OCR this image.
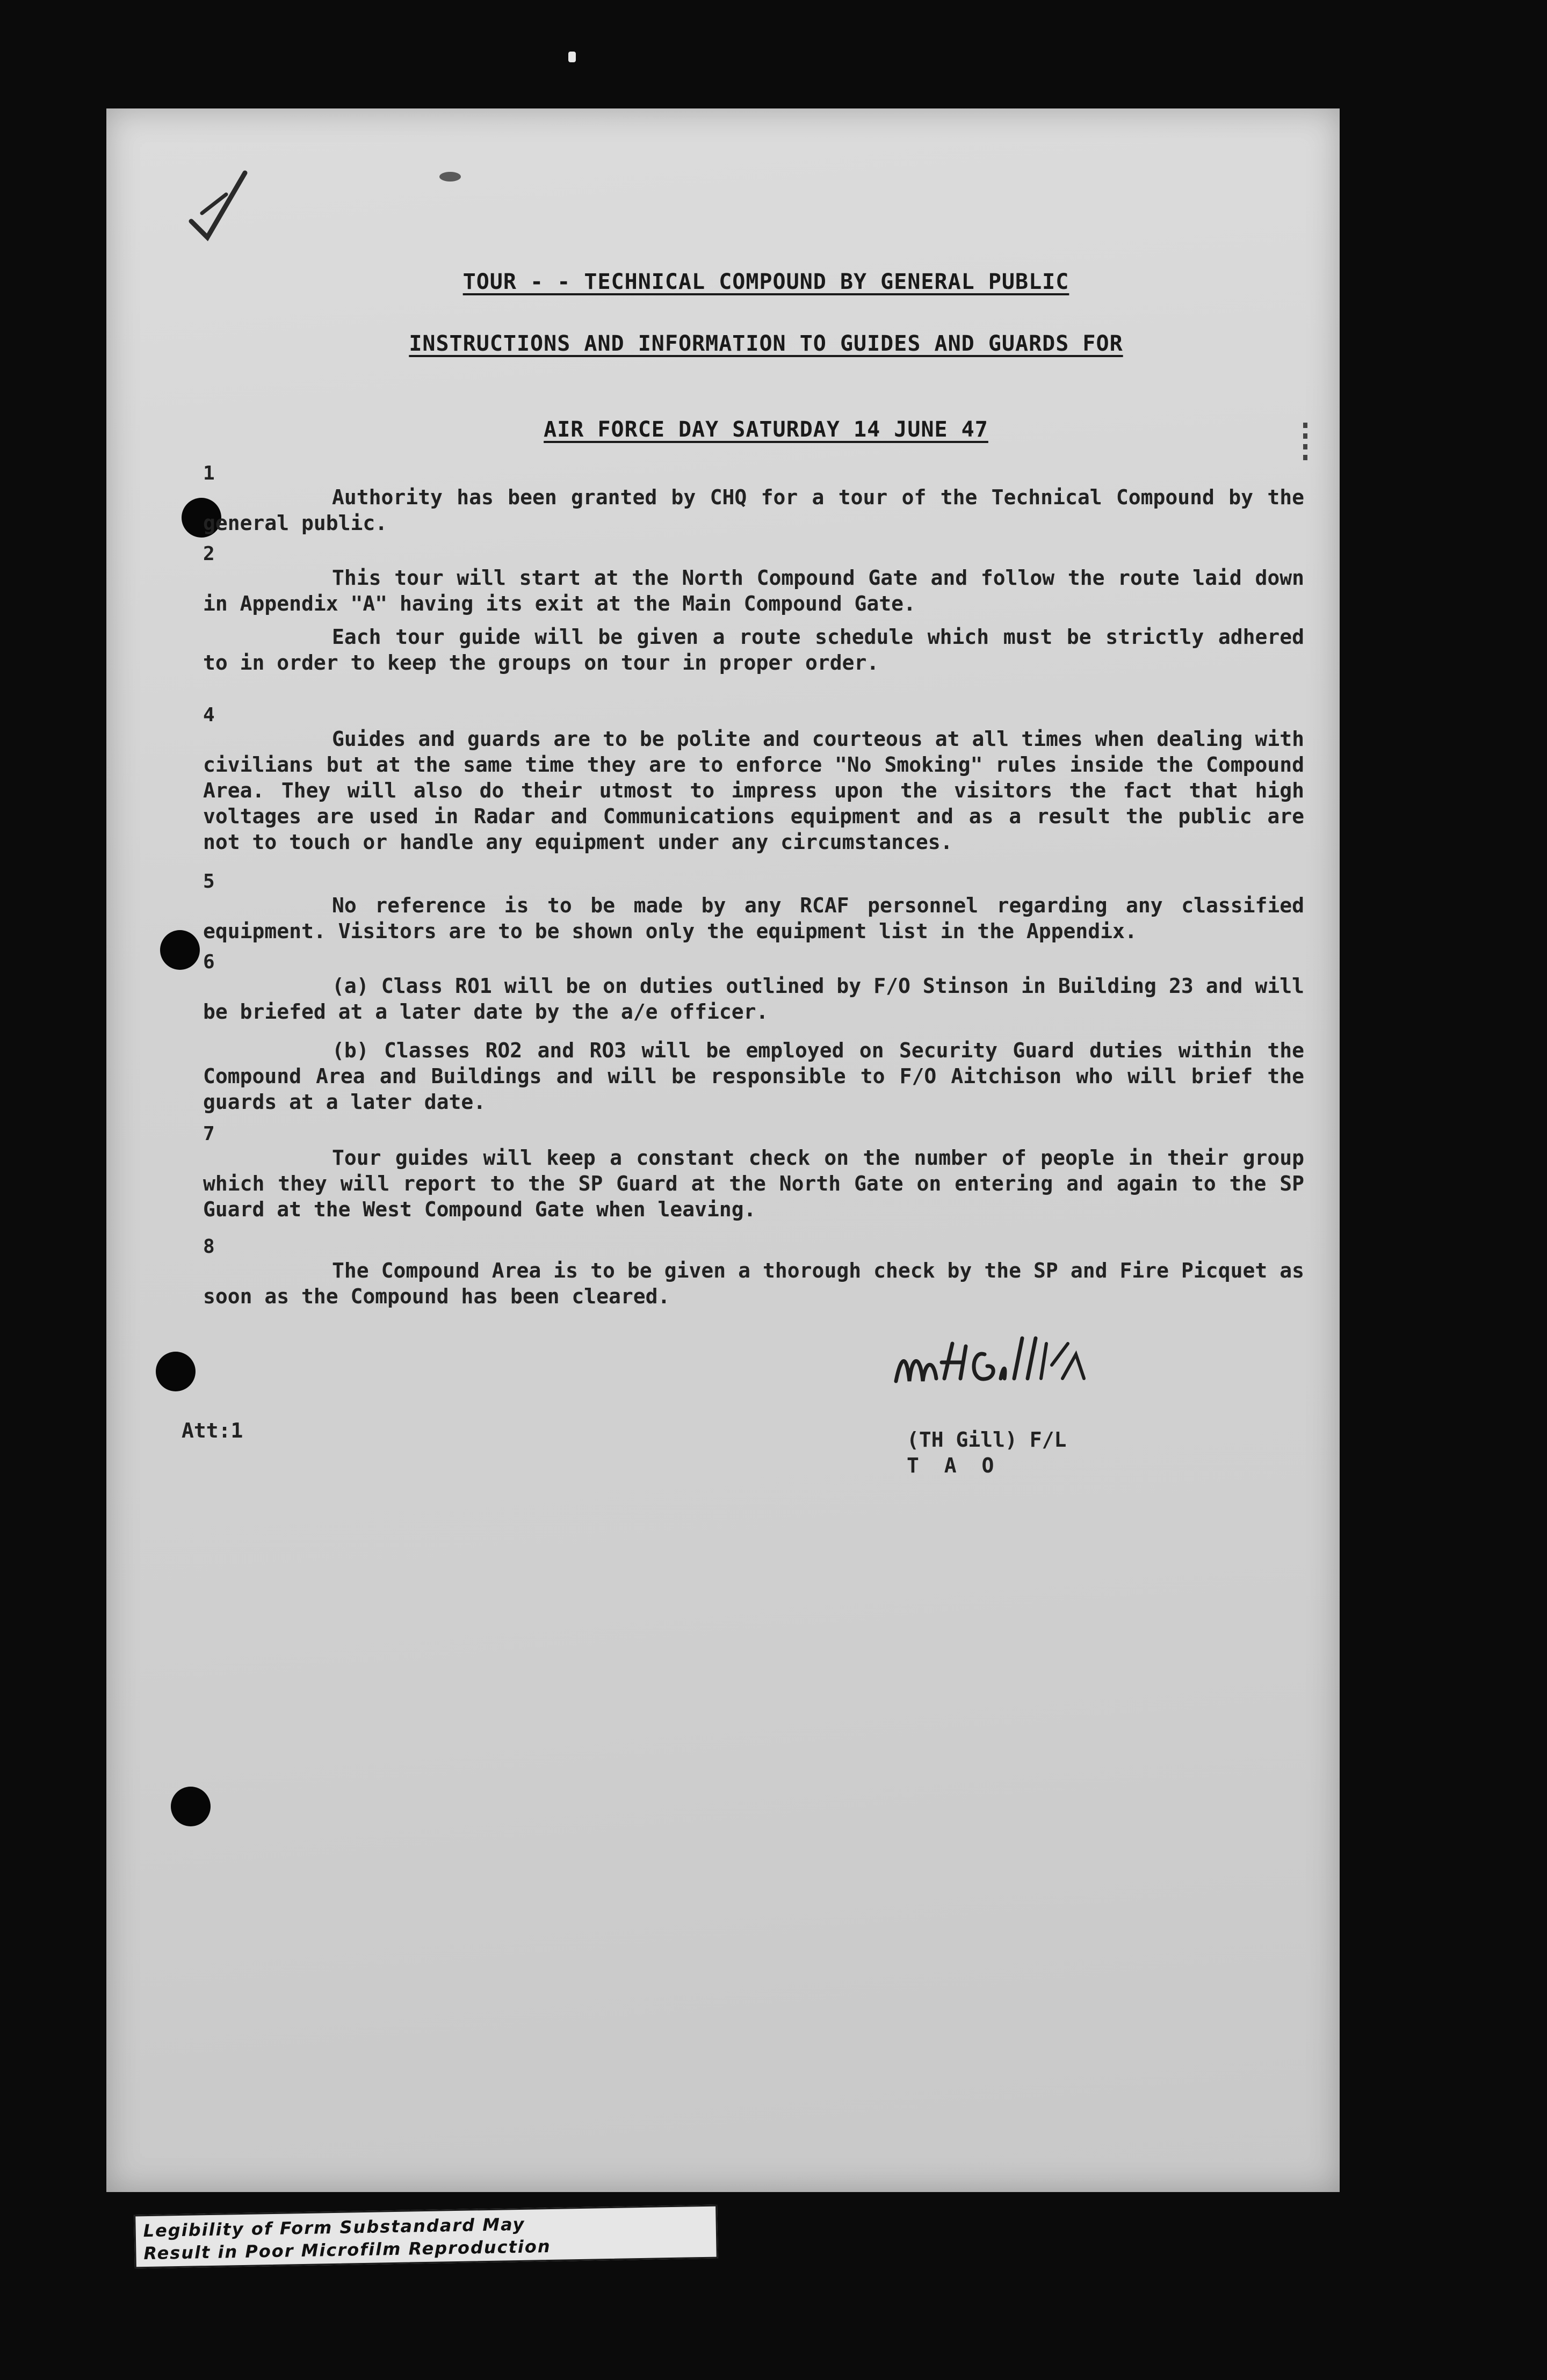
TOUR - - TECHNICAL COMPOUND BY GENERAL PUBLIC
INSTRUCTIONS AND INFORMATION TO GUIDES AND GUARDS FOR
AIR FORCE DAY SATURDAY 14 JUNE 47
1
Authority has been granted by CHQ for a tour of the Technical Compound by the general public.
2
This tour will start at the North Compound Gate and follow the route laid down in Appendix "A" having its exit at the Main Compound Gate.
Each tour guide will be given a route schedule which must be strictly adhered to in order to keep the groups on tour in proper order.
4
Guides and guards are to be polite and courteous at all times when dealing with civilians but at the same time they are to enforce "No Smoking" rules inside the Compound Area. They will also do their utmost to impress upon the visitors the fact that high voltages are used in Radar and Communications equipment and as a result the public are not to touch or handle any equipment under any circumstances.
5
No reference is to be made by any RCAF personnel regarding any classified equipment. Visitors are to be shown only the equipment list in the Appendix.
6
(a) Class RO1 will be on duties outlined by F/O Stinson in Building 23 and will be briefed at a later date by the a/e officer.
(b) Classes RO2 and RO3 will be employed on Security Guard duties within the Compound Area and Buildings and will be responsible to F/O Aitchison who will brief the guards at a later date.
7
Tour guides will keep a constant check on the number of people in their group which they will report to the SP Guard at the North Gate on entering and again to the SP Guard at the West Compound Gate when leaving.
8
The Compound Area is to be given a thorough check by the SP and Fire Picquet as soon as the Compound has been cleared.
(TH Gill) F/L
T A O
Att:1
Legibility of Form Substandard May
Result in Poor Microfilm Reproduction
